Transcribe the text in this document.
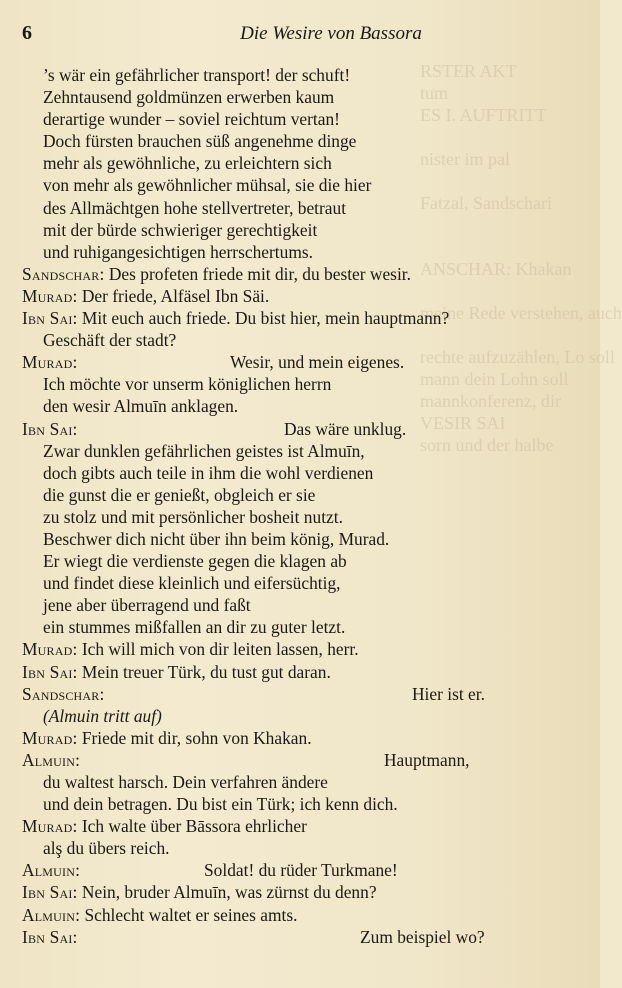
RSTER AKT
tum
ES I. AUFTRITT

nister im pal

Fatzal, Sandschari

ANSCHAR: Khakan

meine Rede verstehen, auch

rechte aufzuzählen, Lo soll
mann dein Lohn soll
mannkonferenz, dir
VESIR SAI
sorn und der halbe
6	Die Wesire von Bassora
’s wär ein gefährlicher transport! der schuft!
Zehntausend goldmünzen erwerben kaum
derartige wunder – soviel reichtum vertan!
Doch fürsten brauchen süß angenehme dinge
mehr als gewöhnliche, zu erleichtern sich
von mehr als gewöhnlicher mühsal, sie die hier
des Allmächtgen hohe stellvertreter, betraut
mit der bürde schwieriger gerechtigkeit
und ruhigangesichtigen herrschertums.
Sandschar: Des profeten friede mit dir, du bester wesir.
Murad: Der friede, Alfäsel Ibn Säi.
Ibn Sai: Mit euch auch friede. Du bist hier, mein hauptmann?
Geschäft der stadt?
Murad:	Wesir, und mein eigenes.
Ich möchte vor unserm königlichen herrn
den wesir Almuīn anklagen.
Ibn Sai:	Das wäre unklug.
Zwar dunklen gefährlichen geistes ist Almuīn,
doch gibts auch teile in ihm die wohl verdienen
die gunst die er genießt, obgleich er sie
zu stolz und mit persönlicher bosheit nutzt.
Beschwer dich nicht über ihn beim könig, Murad.
Er wiegt die verdienste gegen die klagen ab
und findet diese kleinlich und eifersüchtig,
jene aber überragend und faßt
ein stummes mißfallen an dir zu guter letzt.
Murad: Ich will mich von dir leiten lassen, herr.
Ibn Sai: Mein treuer Türk, du tust gut daran.
Sandschar:	Hier ist er.
(Almuin tritt auf)
Murad: Friede mit dir, sohn von Khakan.
Almuin:	Hauptmann,
du waltest harsch. Dein verfahren ändere
und dein betragen. Du bist ein Türk; ich kenn dich.
Murad: Ich walte über Bāssora ehrlicher
alş du übers reich.
Almuin:	Soldat! du rüder Turkmane!
Ibn Sai: Nein, bruder Almuīn, was zürnst du denn?
Almuin: Schlecht waltet er seines amts.
Ibn Sai:	Zum beispiel wo?
